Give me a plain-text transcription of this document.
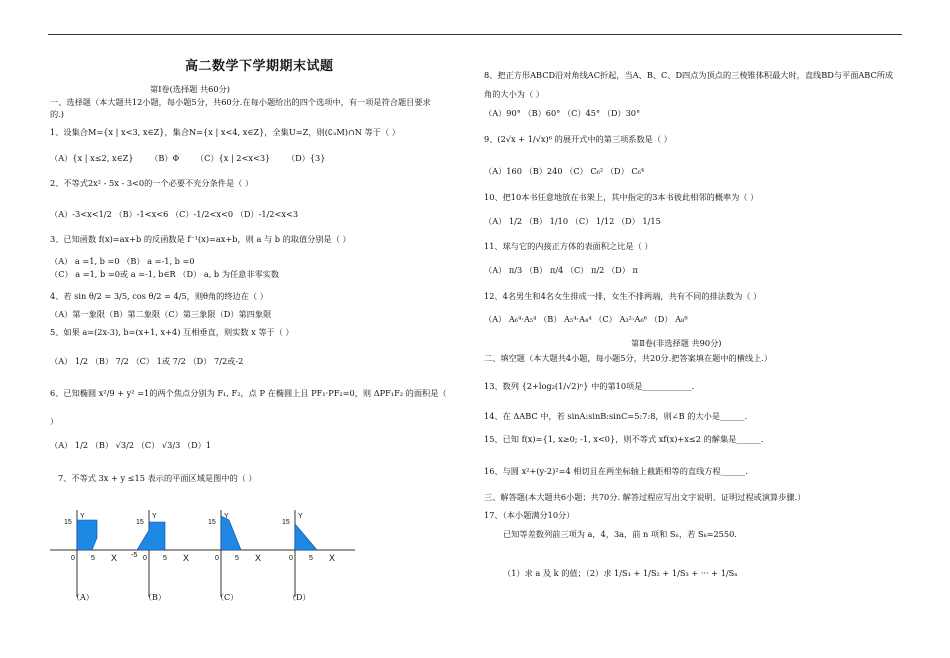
高二数学下学期期末试题
第Ⅰ卷(选择题 共60分)
一、选择题（本大题共12小题，每小题5分，共60分.在每小题给出的四个选项中，有一项是符合题目要求
的.)
1、设集合M={x | x<3, x∈Z}，集合N={x | x<4, x∈Z}，全集U=Z，则(∁ᵤM)∩N 等于（ ）
（A）{x | x≤2, x∈Z} （B）Φ （C）{x | 2<x<3} （D）{3}
2、不等式2x² - 5x - 3<0的一个必要不充分条件是（ ）
（A）-3<x<1/2 （B）-1<x<6 （C）-1/2<x<0 （D）-1/2<x<3
3、已知函数 f(x)=ax+b 的反函数是 f⁻¹(x)=ax+b，则 a 与 b 的取值分别是（ ）
（A） a =1, b =0 （B） a =-1, b =0
（C） a =1, b =0或 a =-1, b∈R （D） a, b 为任意非零实数
4、若 sin θ/2 = 3/5, cos θ/2 = 4/5，则θ角的终边在（ ）
（A）第一象限（B）第二象限（C）第三象限（D）第四象限
5、如果 a=(2x-3), b=(x+1, x+4) 互相垂直，则实数 x 等于（ ）
（A） 1/2 （B） 7/2 （C） 1或 7/2 （D） 7/2或-2
6、已知椭圆 x²/9 + y² =1的两个焦点分别为 F₁, F₂，点 P 在椭圆上且 PF₁·PF₂=0，则 ΔPF₁F₂ 的面积是（
）
（A） 1/2 （B） √3/2 （C） √3/3 （D）1
7、不等式 3x + y ≤15 表示的平面区域是图中的（ ）
15
0 5 X
Y
15
0 5 X
Y
15
0 5 X
Y
15
0 5 X
Y
-5
（A）	（B）	（C）	（D）
8、把正方形ABCD沿对角线AC折起，当A、B、C、D四点为顶点的三棱锥体积最大时，直线BD与平面ABC所成
角的大小为（ ）
（A）90° （B）60° （C）45° （D）30°
9、(2√x + 1/√x)⁶ 的展开式中的第三项系数是（ ）
（A）160 （B）240 （C） C₆² （D） C₆⁴
10、把10本书任意地放在书架上，其中指定的3本书彼此相邻的概率为（ ）
（A） 1/2 （B） 1/10 （C） 1/12 （D） 1/15
11、球与它的内接正方体的表面积之比是（ ）
（A） π/3 （B） π/4 （C） π/2 （D） π
12、4名男生和4名女生排成一排，女生不排两端，共有不同的排法数为（ ）
（A） A₆⁴·A₅⁴ （B） A₅⁴·A₄⁴ （C） A₃²·A₆⁶ （D） A₈⁸
第Ⅱ卷(非选择题 共90分)
二、填空题（本大题共4小题，每小题5分，共20分.把答案填在题中的横线上.）
13、数列 {2+log₂(1/√2)ⁿ} 中的第10项是____________.
14、在 ΔABC 中，若 sinA:sinB:sinC=5:7:8，则∠B 的大小是______.
15、已知 f(x)={1, x≥0; -1, x<0}，则不等式 xf(x)+x≤2 的解集是______.
16、与圆 x²+(y-2)²=4 相切且在两坐标轴上截距相等的直线方程______.
三、解答题(本大题共6小题；共70分. 解答过程应写出文字说明、证明过程或演算步骤.）
17、（本小题满分10分）
已知等差数列前三项为 a，4，3a，前 n 项和 Sₙ，若 Sₖ=2550.
（1）求 a 及 k 的值；（2）求 1/S₁ + 1/S₂ + 1/S₃ + ··· + 1/Sₙ
